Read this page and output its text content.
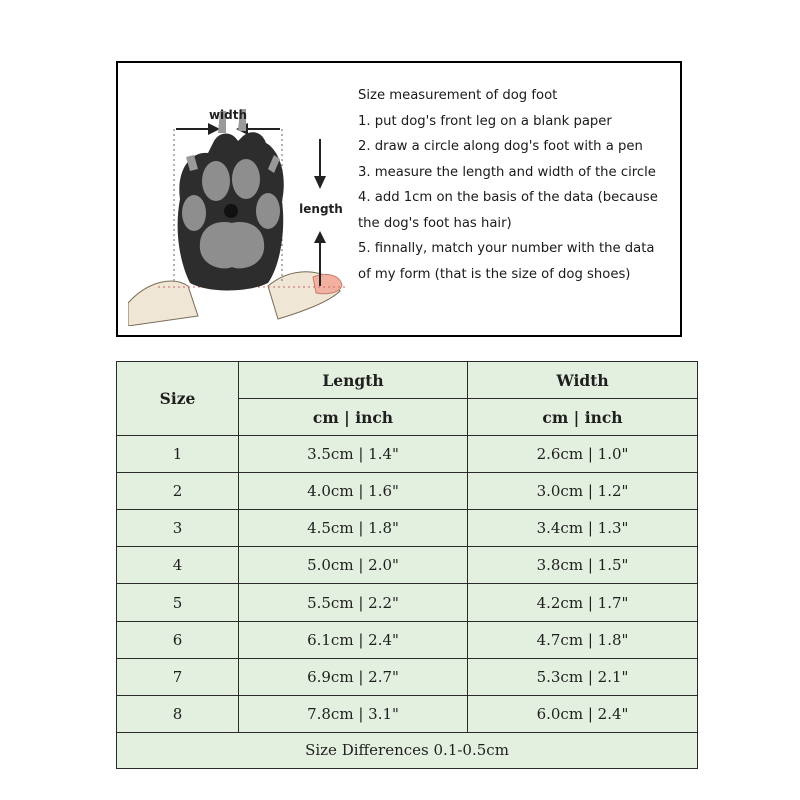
width
length
Size measurement of dog foot
1. put dog's front leg on a blank paper
2. draw a circle along dog's foot with a pen
3. measure the length and width of the circle
4. add 1cm on the basis of the data (because
the dog's foot has hair)
5. finnally, match your number with the data
of my form (that is the size of dog shoes)
Size	Length	Width
	cm | inch	cm | inch
1	3.5cm | 1.4"	2.6cm | 1.0"
2	4.0cm | 1.6"	3.0cm | 1.2"
3	4.5cm | 1.8"	3.4cm | 1.3"
4	5.0cm | 2.0"	3.8cm | 1.5"
5	5.5cm | 2.2"	4.2cm | 1.7"
6	6.1cm | 2.4"	4.7cm | 1.8"
7	6.9cm | 2.7"	5.3cm | 2.1"
8	7.8cm | 3.1"	6.0cm | 2.4"
Size Differences 0.1-0.5cm		
